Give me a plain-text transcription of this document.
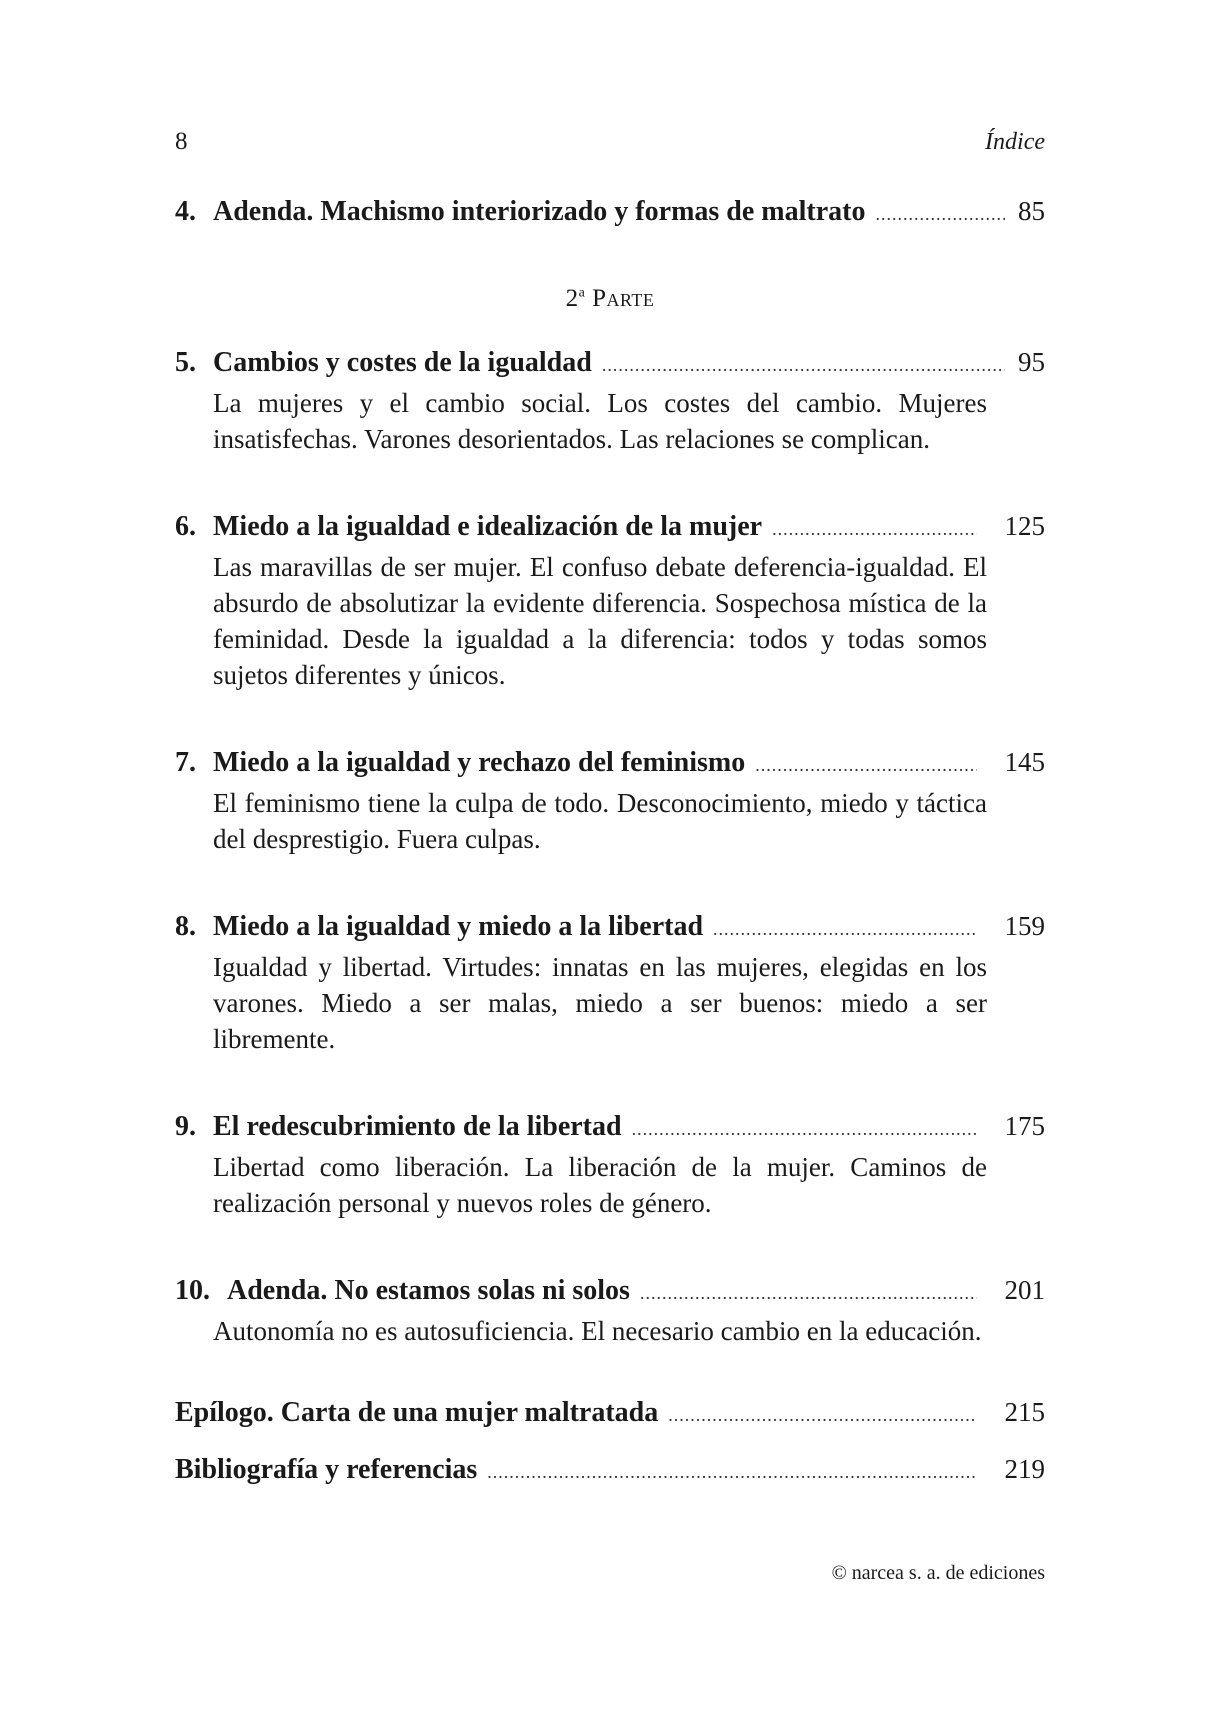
8	Índice
4. Adenda. Machismo interiorizado y formas de maltrato .....	85
2$^a$ Parte
5. Cambios y costes de la igualdad .....	95
La mujeres y el cambio social. Los costes del cambio. Mujeres insatisfechas. Varones desorientados. Las relaciones se complican.
6. Miedo a la igualdad e idealización de la mujer .....	125
Las maravillas de ser mujer. El confuso debate deferencia-igualdad. El absurdo de absolutizar la evidente diferencia. Sospechosa mística de la feminidad. Desde la igualdad a la diferencia: todos y todas somos sujetos diferentes y únicos.
7. Miedo a la igualdad y rechazo del feminismo .....	145
El feminismo tiene la culpa de todo. Desconocimiento, miedo y táctica del desprestigio. Fuera culpas.
8. Miedo a la igualdad y miedo a la libertad .....	159
Igualdad y libertad. Virtudes: innatas en las mujeres, elegidas en los varones. Miedo a ser malas, miedo a ser buenos: miedo a ser libremente.
9. El redescubrimiento de la libertad .....	175
Libertad como liberación. La liberación de la mujer. Caminos de realización personal y nuevos roles de género.
10. Adenda. No estamos solas ni solos .....	201
Autonomía no es autosuficiencia. El necesario cambio en la educación.
Epílogo. Carta de una mujer maltratada .....	215
Bibliografía y referencias .....	219
© narcea s. a. de ediciones
